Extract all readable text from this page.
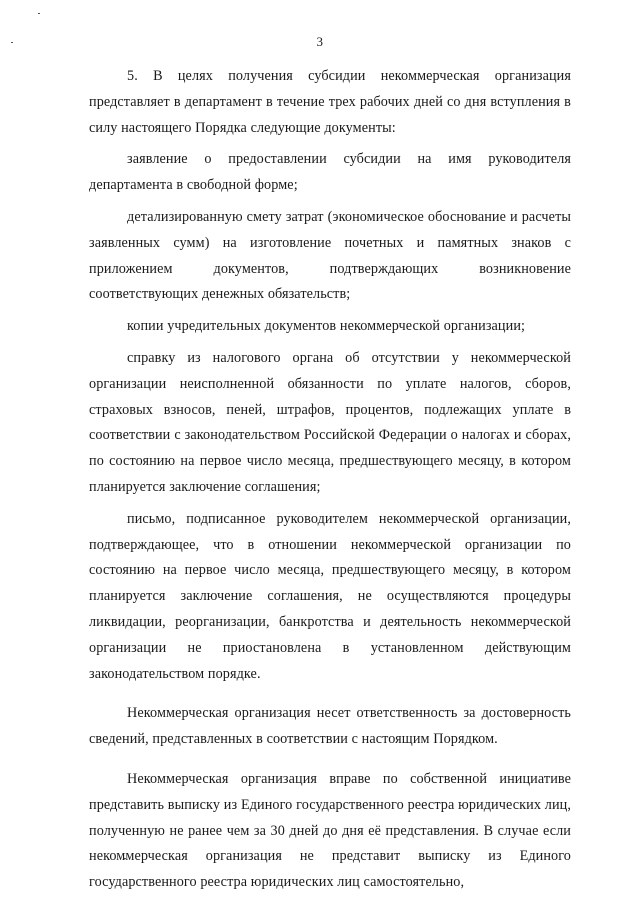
3

5. В целях получения субсидии некоммерческая организация представляет в департамент в течение трех рабочих дней со дня вступления в силу настоящего Порядка следующие документы:

заявление о предоставлении субсидии на имя руководителя департамента в свободной форме;

детализированную смету затрат (экономическое обоснование и расчеты заявленных сумм) на изготовление почетных и памятных знаков с приложением документов, подтверждающих возникновение соответствующих денежных обязательств;

копии учредительных документов некоммерческой организации;

справку из налогового органа об отсутствии у некоммерческой организации неисполненной обязанности по уплате налогов, сборов, страховых взносов, пеней, штрафов, процентов, подлежащих уплате в соответствии с законодательством Российской Федерации о налогах и сборах, по состоянию на первое число месяца, предшествующего месяцу, в котором планируется заключение соглашения;

письмо, подписанное руководителем некоммерческой организации, подтверждающее, что в отношении некоммерческой организации по состоянию на первое число месяца, предшествующего месяцу, в котором планируется заключение соглашения, не осуществляются процедуры ликвидации, реорганизации, банкротства и деятельность некоммерческой организации не приостановлена в установленном действующим законодательством порядке.

Некоммерческая организация несет ответственность за достоверность сведений, представленных в соответствии с настоящим Порядком.

Некоммерческая организация вправе по собственной инициативе представить выписку из Единого государственного реестра юридических лиц, полученную не ранее чем за 30 дней до дня её представления. В случае если некоммерческая организация не представит выписку из Единого государственного реестра юридических лиц самостоятельно,
